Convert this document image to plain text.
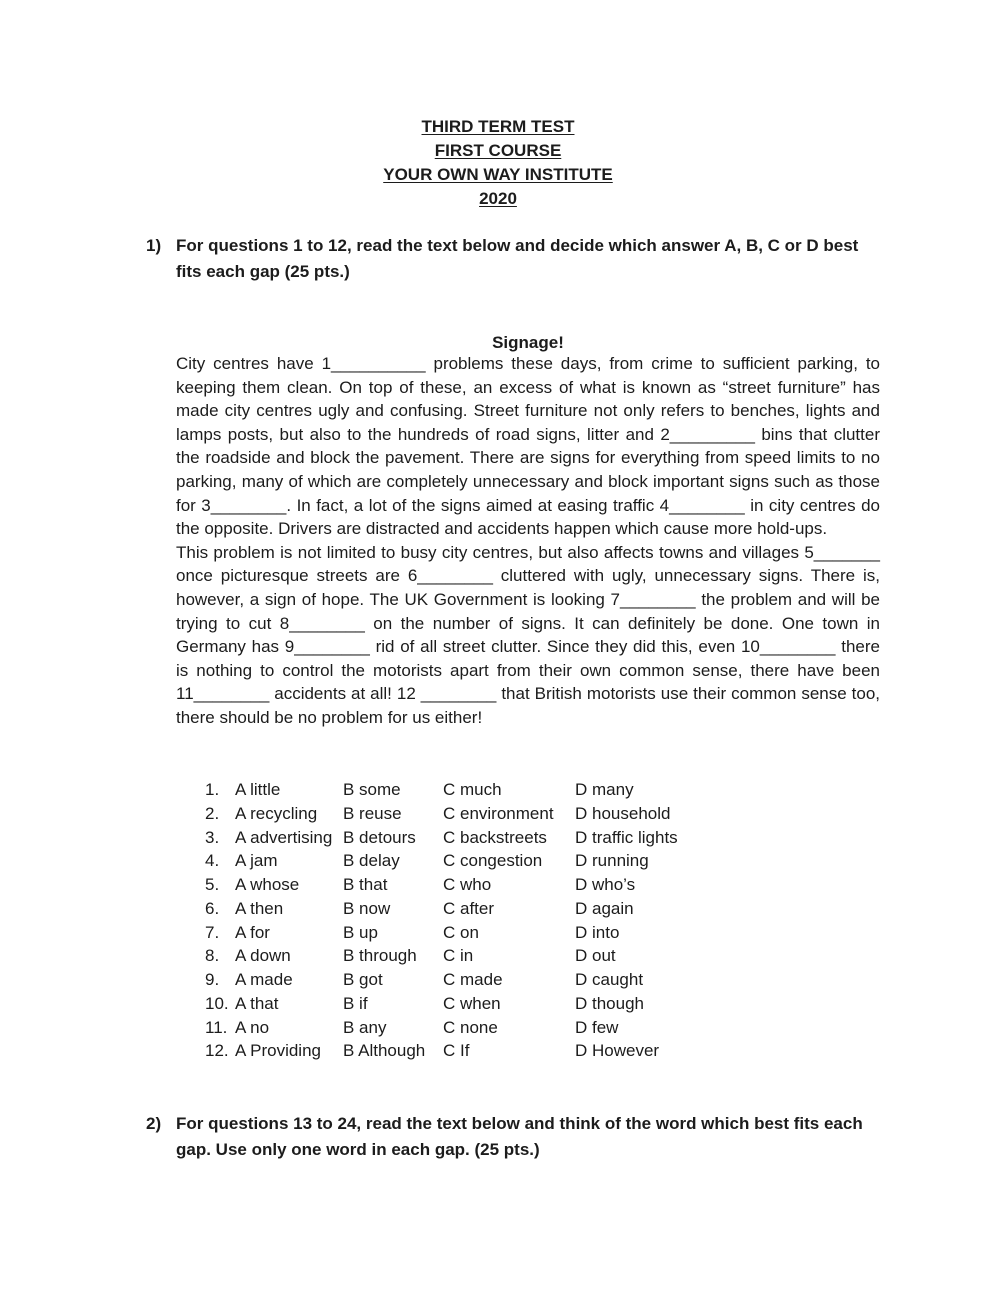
THIRD TERM TEST
FIRST COURSE
YOUR OWN WAY INSTITUTE
2020
1) For questions 1 to 12, read the text below and decide which answer A, B, C or D best fits each gap (25 pts.)
Signage!

City centres have 1__________ problems these days, from crime to sufficient parking, to keeping them clean. On top of these, an excess of what is known as “street furniture” has made city centres ugly and confusing. Street furniture not only refers to benches, lights and lamps posts, but also to the hundreds of road signs, litter and 2_________ bins that clutter the roadside and block the pavement. There are signs for everything from speed limits to no parking, many of which are completely unnecessary and block important signs such as those for 3________. In fact, a lot of the signs aimed at easing traffic 4________ in city centres do the opposite. Drivers are distracted and accidents happen which cause more hold-ups.

This problem is not limited to busy city centres, but also affects towns and villages 5_______ once picturesque streets are 6________ cluttered with ugly, unnecessary signs. There is, however, a sign of hope. The UK Government is looking 7________ the problem and will be trying to cut 8________ on the number of signs. It can definitely be done. One town in Germany has 9________ rid of all street clutter. Since they did this, even 10________ there is nothing to control the motorists apart from their own common sense, there have been 11________ accidents at all! 12 ________ that British motorists use their common sense too, there should be no problem for us either!

1. A little	B some C much	D many
2. A recycling B reuse C environment D household
3. A advertising B detours C backstreets D traffic lights
4. A jam	B delay	C congestion D running
5. A whose	B that	C who	D who’s
6. A then	B now	C after	D again
7. A for	B up	C on	D into
8. A down	B through C in	D out
9. A made	B got	C made	D caught
10. A that	B if	C when	D though
11. A no	B any	C none	D few
12. A Providing B Although C If	D However
2) For questions 13 to 24, read the text below and think of the word which best fits each gap. Use only one word in each gap. (25 pts.)
